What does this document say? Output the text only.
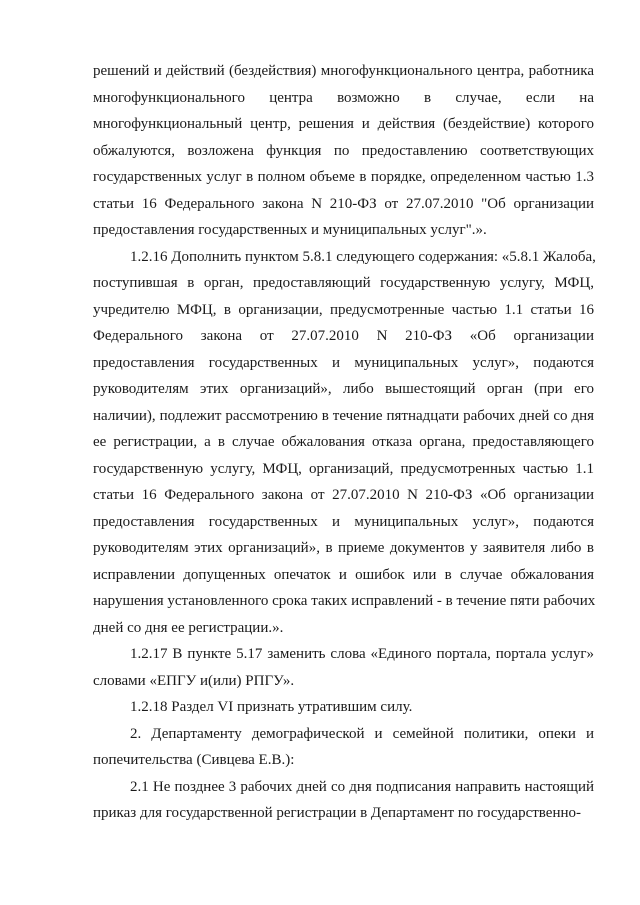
решений и действий (бездействия) многофункционального центра, работника
многофункционального центра возможно в случае, если на
многофункциональный центр, решения и действия (бездействие) которого
обжалуются, возложена функция по предоставлению соответствующих
государственных услуг в полном объеме в порядке, определенном частью 1.3
статьи 16 Федерального закона N 210-ФЗ от 27.07.2010 "Об организации
предоставления государственных и муниципальных услуг".».
1.2.16 Дополнить пунктом 5.8.1 следующего содержания: «5.8.1 Жалоба,
поступившая в орган, предоставляющий государственную услугу, МФЦ,
учредителю МФЦ, в организации, предусмотренные частью 1.1 статьи 16
Федерального закона от 27.07.2010 N 210-ФЗ «Об организации
предоставления государственных и муниципальных услуг», подаются
руководителям этих организаций», либо вышестоящий орган (при его
наличии), подлежит рассмотрению в течение пятнадцати рабочих дней со дня
ее регистрации, а в случае обжалования отказа органа, предоставляющего
государственную услугу, МФЦ, организаций, предусмотренных частью 1.1
статьи 16 Федерального закона от 27.07.2010 N 210-ФЗ «Об организации
предоставления государственных и муниципальных услуг», подаются
руководителям этих организаций», в приеме документов у заявителя либо в
исправлении допущенных опечаток и ошибок или в случае обжалования
нарушения установленного срока таких исправлений - в течение пяти рабочих
дней со дня ее регистрации.».
1.2.17 В пункте 5.17 заменить слова «Единого портала, портала услуг»
словами «ЕПГУ и(или) РПГУ».
1.2.18 Раздел VI признать утратившим силу.
2. Департаменту демографической и семейной политики, опеки и
попечительства (Сивцева Е.В.):
2.1 Не позднее 3 рабочих дней со дня подписания направить настоящий
приказ для государственной регистрации в Департамент по государственно-
